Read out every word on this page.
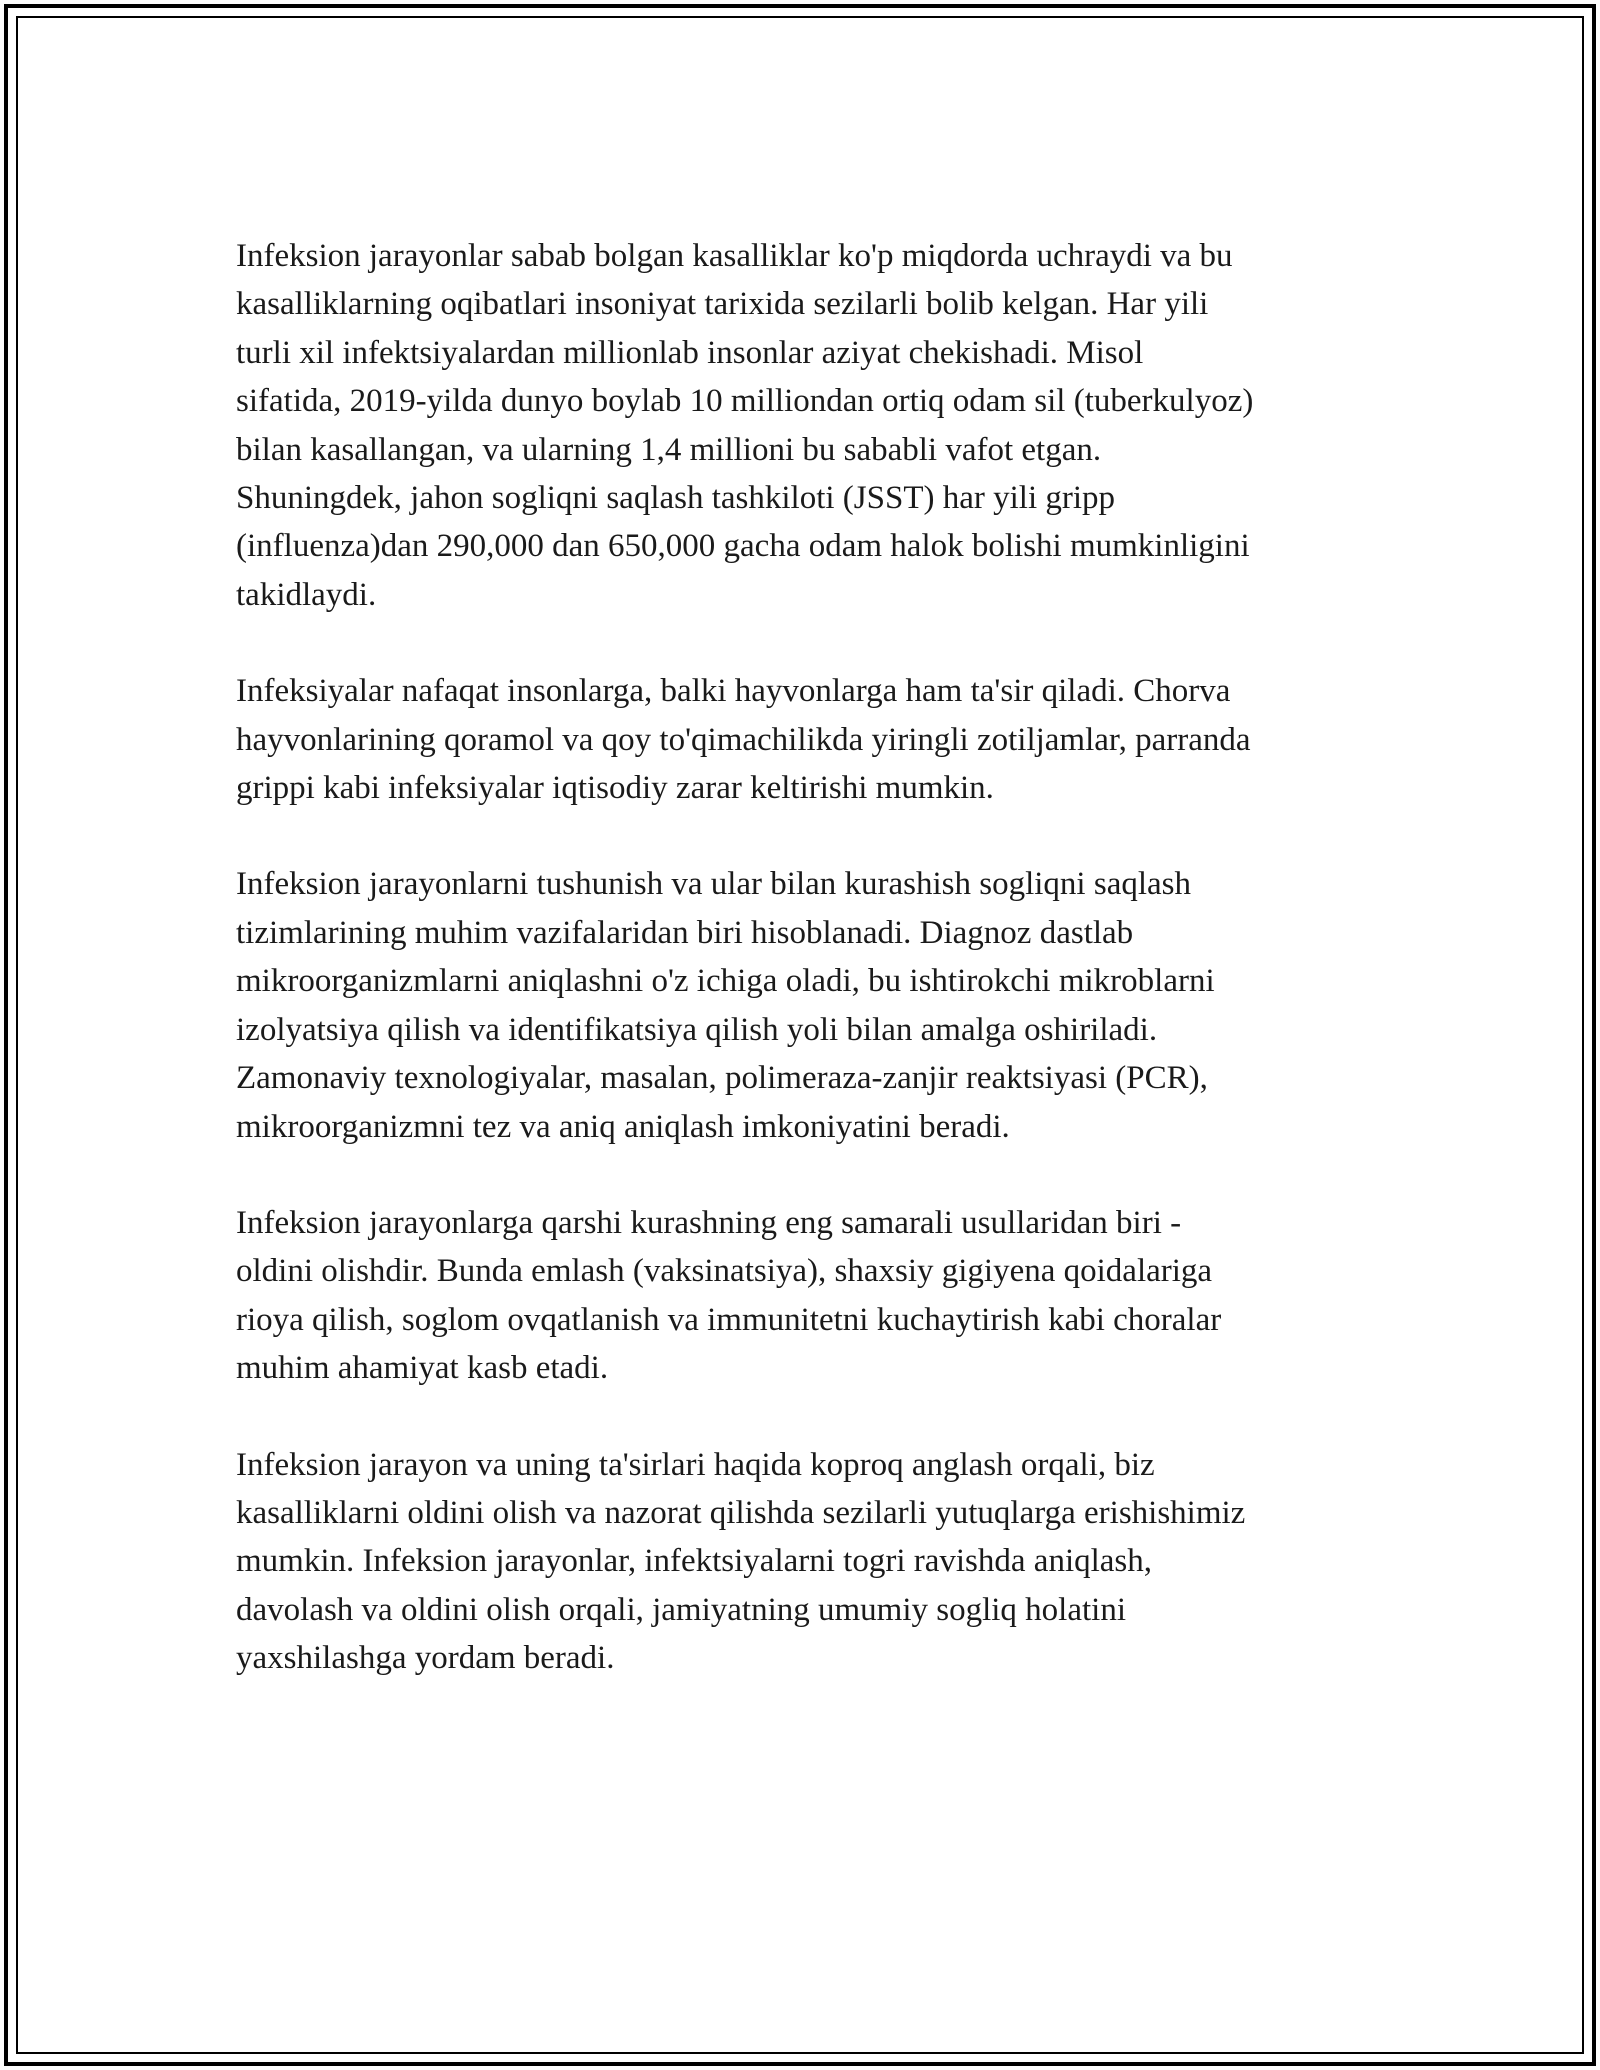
Infeksion jarayonlar sabab bolgan kasalliklar ko'p miqdorda uchraydi va bu
kasalliklarning oqibatlari insoniyat tarixida sezilarli bolib kelgan. Har yili
turli xil infektsiyalardan millionlab insonlar aziyat chekishadi. Misol
sifatida, 2019-yilda dunyo boylab 10 milliondan ortiq odam sil (tuberkulyoz)
bilan kasallangan, va ularning 1,4 millioni bu sababli vafot etgan.
Shuningdek, jahon sogliqni saqlash tashkiloti (JSST) har yili gripp
(influenza)dan 290,000 dan 650,000 gacha odam halok bolishi mumkinligini
takidlaydi.

Infeksiyalar nafaqat insonlarga, balki hayvonlarga ham ta'sir qiladi. Chorva
hayvonlarining qoramol va qoy to'qimachilikda yiringli zotiljamlar, parranda
grippi kabi infeksiyalar iqtisodiy zarar keltirishi mumkin.

Infeksion jarayonlarni tushunish va ular bilan kurashish sogliqni saqlash
tizimlarining muhim vazifalaridan biri hisoblanadi. Diagnoz dastlab
mikroorganizmlarni aniqlashni o'z ichiga oladi, bu ishtirokchi mikroblarni
izolyatsiya qilish va identifikatsiya qilish yoli bilan amalga oshiriladi.
Zamonaviy texnologiyalar, masalan, polimeraza-zanjir reaktsiyasi (PCR),
mikroorganizmni tez va aniq aniqlash imkoniyatini beradi.

Infeksion jarayonlarga qarshi kurashning eng samarali usullaridan biri -
oldini olishdir. Bunda emlash (vaksinatsiya), shaxsiy gigiyena qoidalariga
rioya qilish, soglom ovqatlanish va immunitetni kuchaytirish kabi choralar
muhim ahamiyat kasb etadi.

Infeksion jarayon va uning ta'sirlari haqida koproq anglash orqali, biz
kasalliklarni oldini olish va nazorat qilishda sezilarli yutuqlarga erishishimiz
mumkin. Infeksion jarayonlar, infektsiyalarni togri ravishda aniqlash,
davolash va oldini olish orqali, jamiyatning umumiy sogliq holatini
yaxshilashga yordam beradi.
